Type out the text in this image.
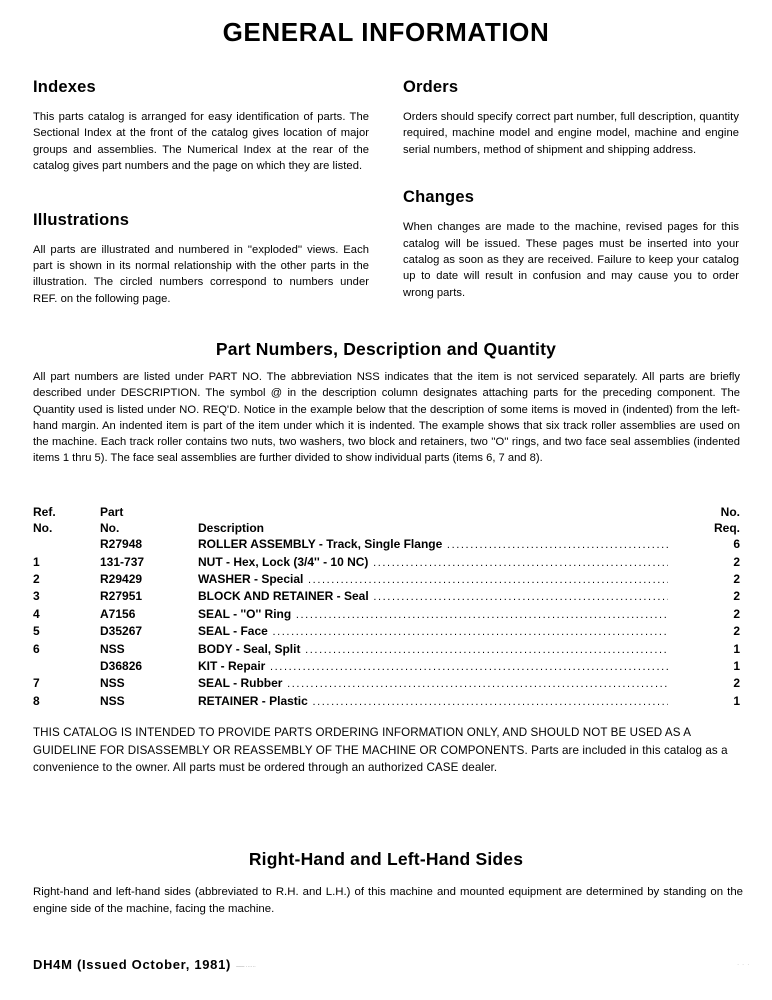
GENERAL INFORMATION
Indexes

This parts catalog is arranged for easy identification of parts. The Sectional Index at the front of the catalog gives location of major groups and assemblies. The Numerical Index at the rear of the catalog gives part numbers and the page on which they are listed.

Illustrations

All parts are illustrated and numbered in ''exploded'' views. Each part is shown in its normal relationship with the other parts in the illustration. The circled numbers correspond to numbers under REF. on the following page.

Orders

Orders should specify correct part number, full description, quantity required, machine model and engine model, machine and engine serial numbers, method of shipment and shipping address.

Changes

When changes are made to the machine, revised pages for this catalog will be issued. These pages must be inserted into your catalog as soon as they are received. Failure to keep your catalog up to date will result in confusion and may cause you to order wrong parts.

Part Numbers, Description and Quantity
All part numbers are listed under PART NO. The abbreviation NSS indicates that the item is not serviced separately. All parts are briefly described under DESCRIPTION. The symbol @ in the description column designates attaching parts for the preceding component. The Quantity used is listed under NO. REQ'D. Notice in the example below that the description of some items is moved in (indented) from the left-hand margin. An indented item is part of the item under which it is indented. The example shows that six track roller assemblies are used on the machine. Each track roller contains two nuts, two washers, two block and retainers, two ''O'' rings, and two face seal assemblies (indented items 1 thru 5). The face seal assemblies are further divided to show individual parts (items 6, 7 and 8).
Ref.	Part		No.
No.	No.	Description	Req.
	R27948	ROLLER ASSEMBLY - Track, Single Flange .....	6
1	131-737	NUT - Hex, Lock (3/4'' - 10 NC) .....	2
2	R29429	WASHER - Special .....	2
3	R27951	BLOCK AND RETAINER - Seal .....	2
4	A7156	SEAL - ''O'' Ring .....	2
5	D35267	SEAL - Face .....	2
6	NSS	BODY - Seal, Split .....	1
	D36826	KIT - Repair .....	1
7	NSS	SEAL - Rubber .....	2
8	NSS	RETAINER - Plastic .....	1
THIS CATALOG IS INTENDED TO PROVIDE PARTS ORDERING INFORMATION ONLY, AND SHOULD NOT BE USED AS A GUIDELINE FOR DISASSEMBLY OR REASSEMBLY OF THE MACHINE OR COMPONENTS. Parts are included in this catalog as a convenience to the owner. All parts must be ordered through an authorized CASE dealer.
Right-Hand and Left-Hand Sides
Right-hand and left-hand sides (abbreviated to R.H. and L.H.) of this machine and mounted equipment are determined by standing on the engine side of the machine, facing the machine.
DH4M (Issued October, 1981) ––– ······	· · ·
